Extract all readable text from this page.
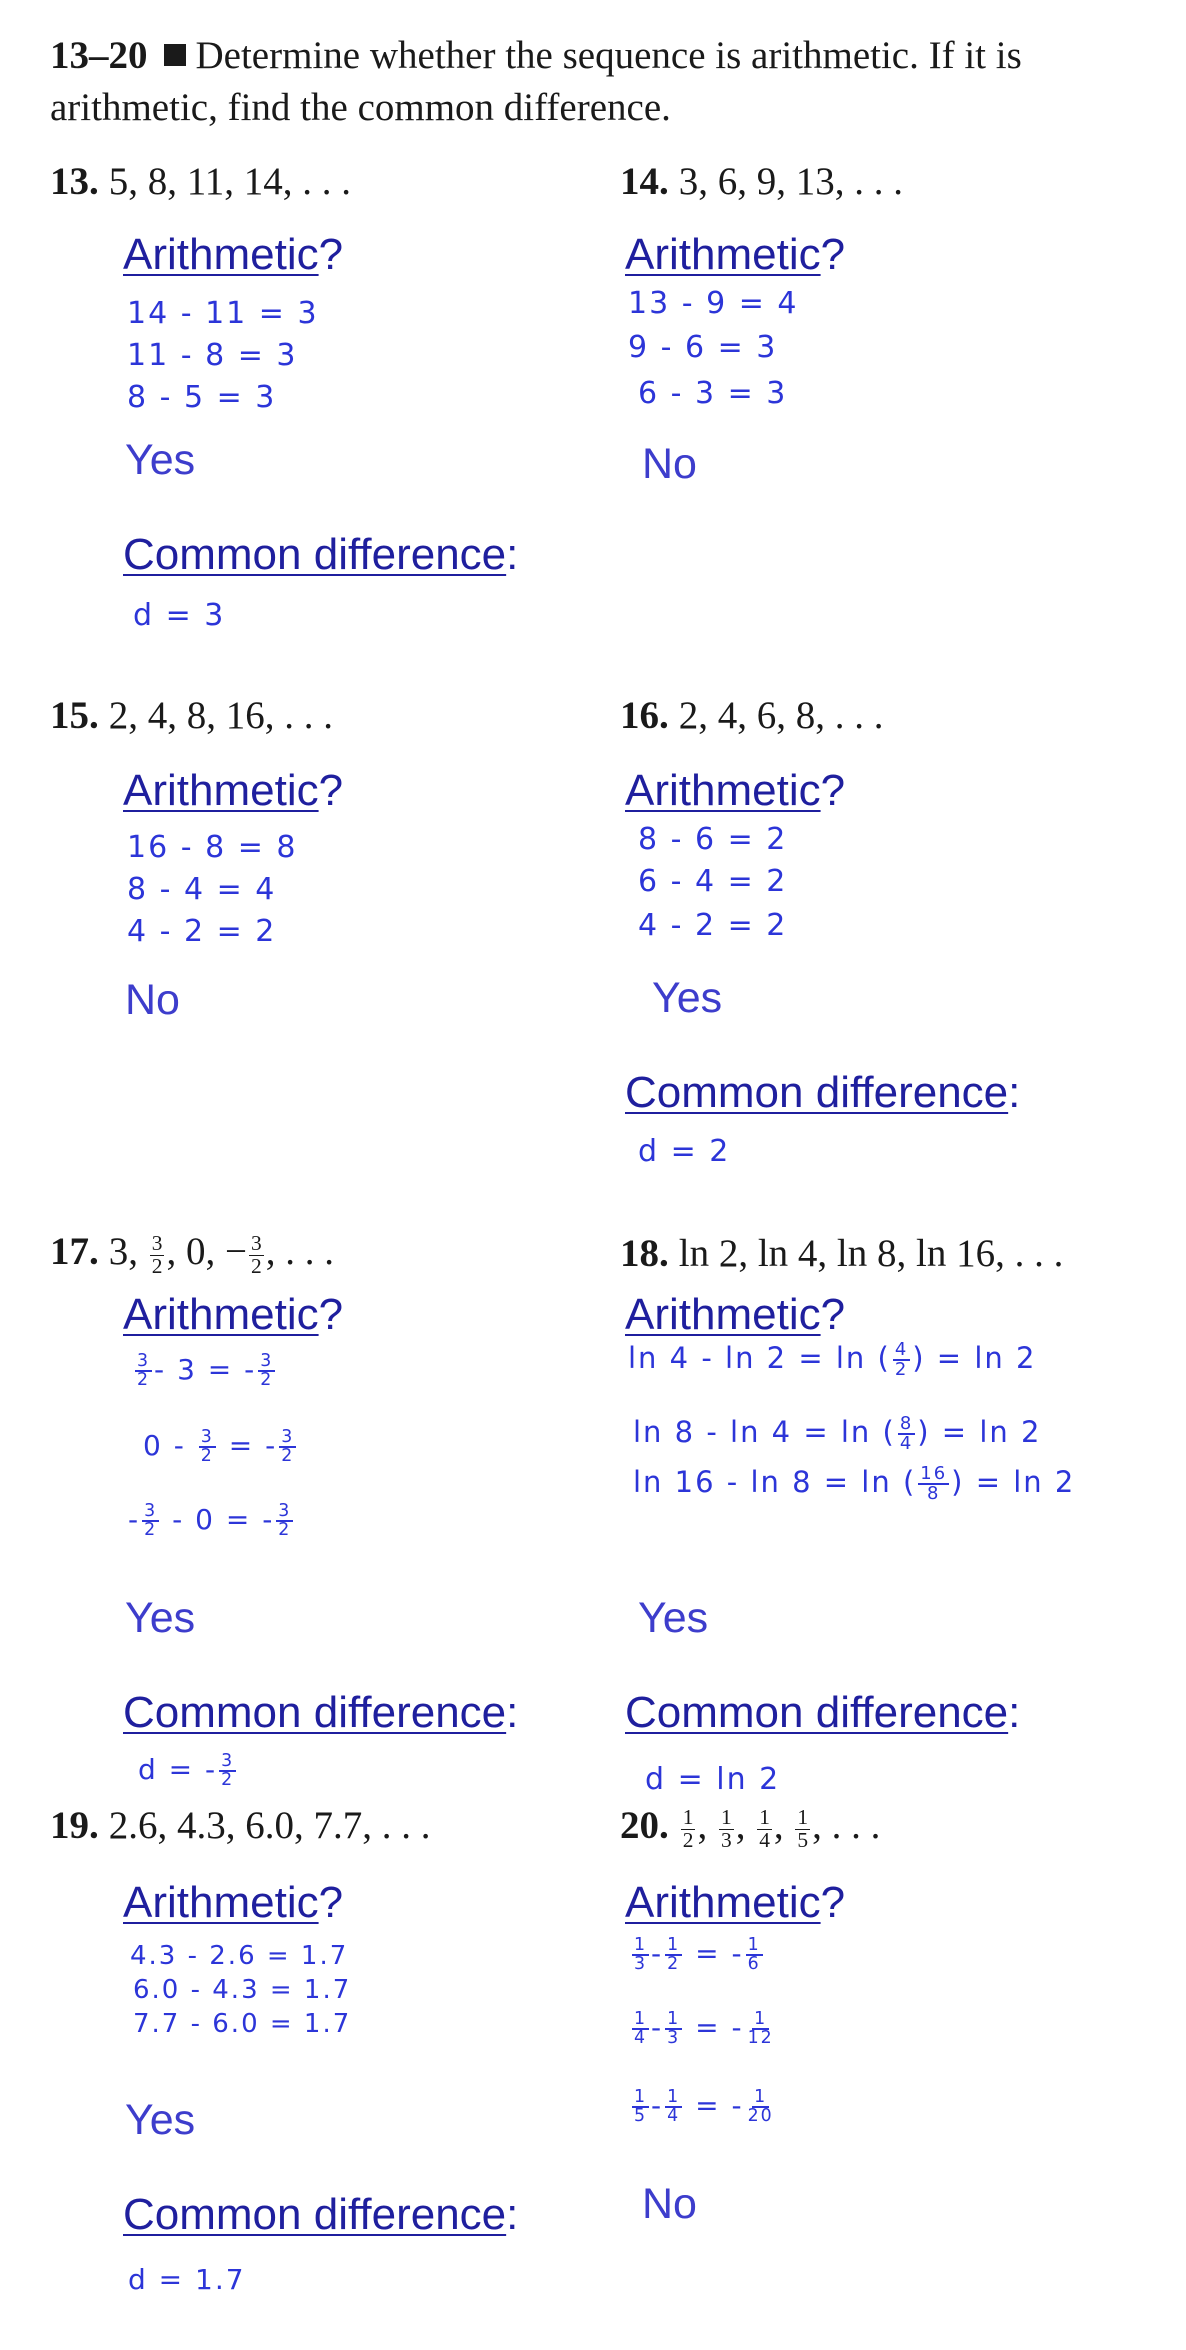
13–20 Determine whether the sequence is arithmetic. If it is arithmetic, find the common difference.
13. 5, 8, 11, 14, . . .
Arithmetic?
14 - 11 = 3
11 - 8 = 3
8 - 5 = 3
Yes
Common difference:
d = 3
14. 3, 6, 9, 13, . . .
Arithmetic?
13 - 9 = 4
9 - 6 = 3
6 - 3 = 3
No
15. 2, 4, 8, 16, . . .
Arithmetic?
16 - 8 = 8
8 - 4 = 4
4 - 2 = 2
No
16. 2, 4, 6, 8, . . .
Arithmetic?
8 - 6 = 2
6 - 4 = 2
4 - 2 = 2
Yes
Common difference:
d = 2
17. 3, $\frac{3}{2}$ , 0, − $\frac{3}{2}$ , . . .
Arithmetic?
$\frac{3}{2} - 3$ = - $\frac{3}{2}$
$0 - \frac{3}{2}$ = - $\frac{3}{2}$
- $\frac{3}{2} - 0$ = - $\frac{3}{2}$
Yes
Common difference:
d = - $\frac{3}{2}$
18. ln 2, ln 4, ln 8, ln 16, . . .
Arithmetic?
ln 4 - ln 2 = ln ( $\frac{4}{2}$ ) = ln 2
ln 8 - ln 4 = ln ( $\frac{8}{4}$ ) = ln 2
ln 16 - ln 8 = ln ( $\frac{16}{8}$ ) = ln 2
Yes
Common difference:
d = ln 2
19. 2.6, 4.3, 6.0, 7.7, . . .
Arithmetic?
4.3 - 2.6 = 1.7
6.0 - 4.3 = 1.7
7.7 - 6.0 = 1.7
Yes
Common difference:
d = 1.7
20. $\frac{1}{2}$ , $\frac{1}{3}$ , $\frac{1}{4}$ , $\frac{1}{5}$ , . . .
Arithmetic?
$\frac{1}{3} - \frac{1}{2}$ = - $\frac{1}{6}$
$\frac{1}{4} - \frac{1}{3}$ = - $\frac{1}{12}$
$\frac{1}{5} - \frac{1}{4}$ = - $\frac{1}{20}$
No
